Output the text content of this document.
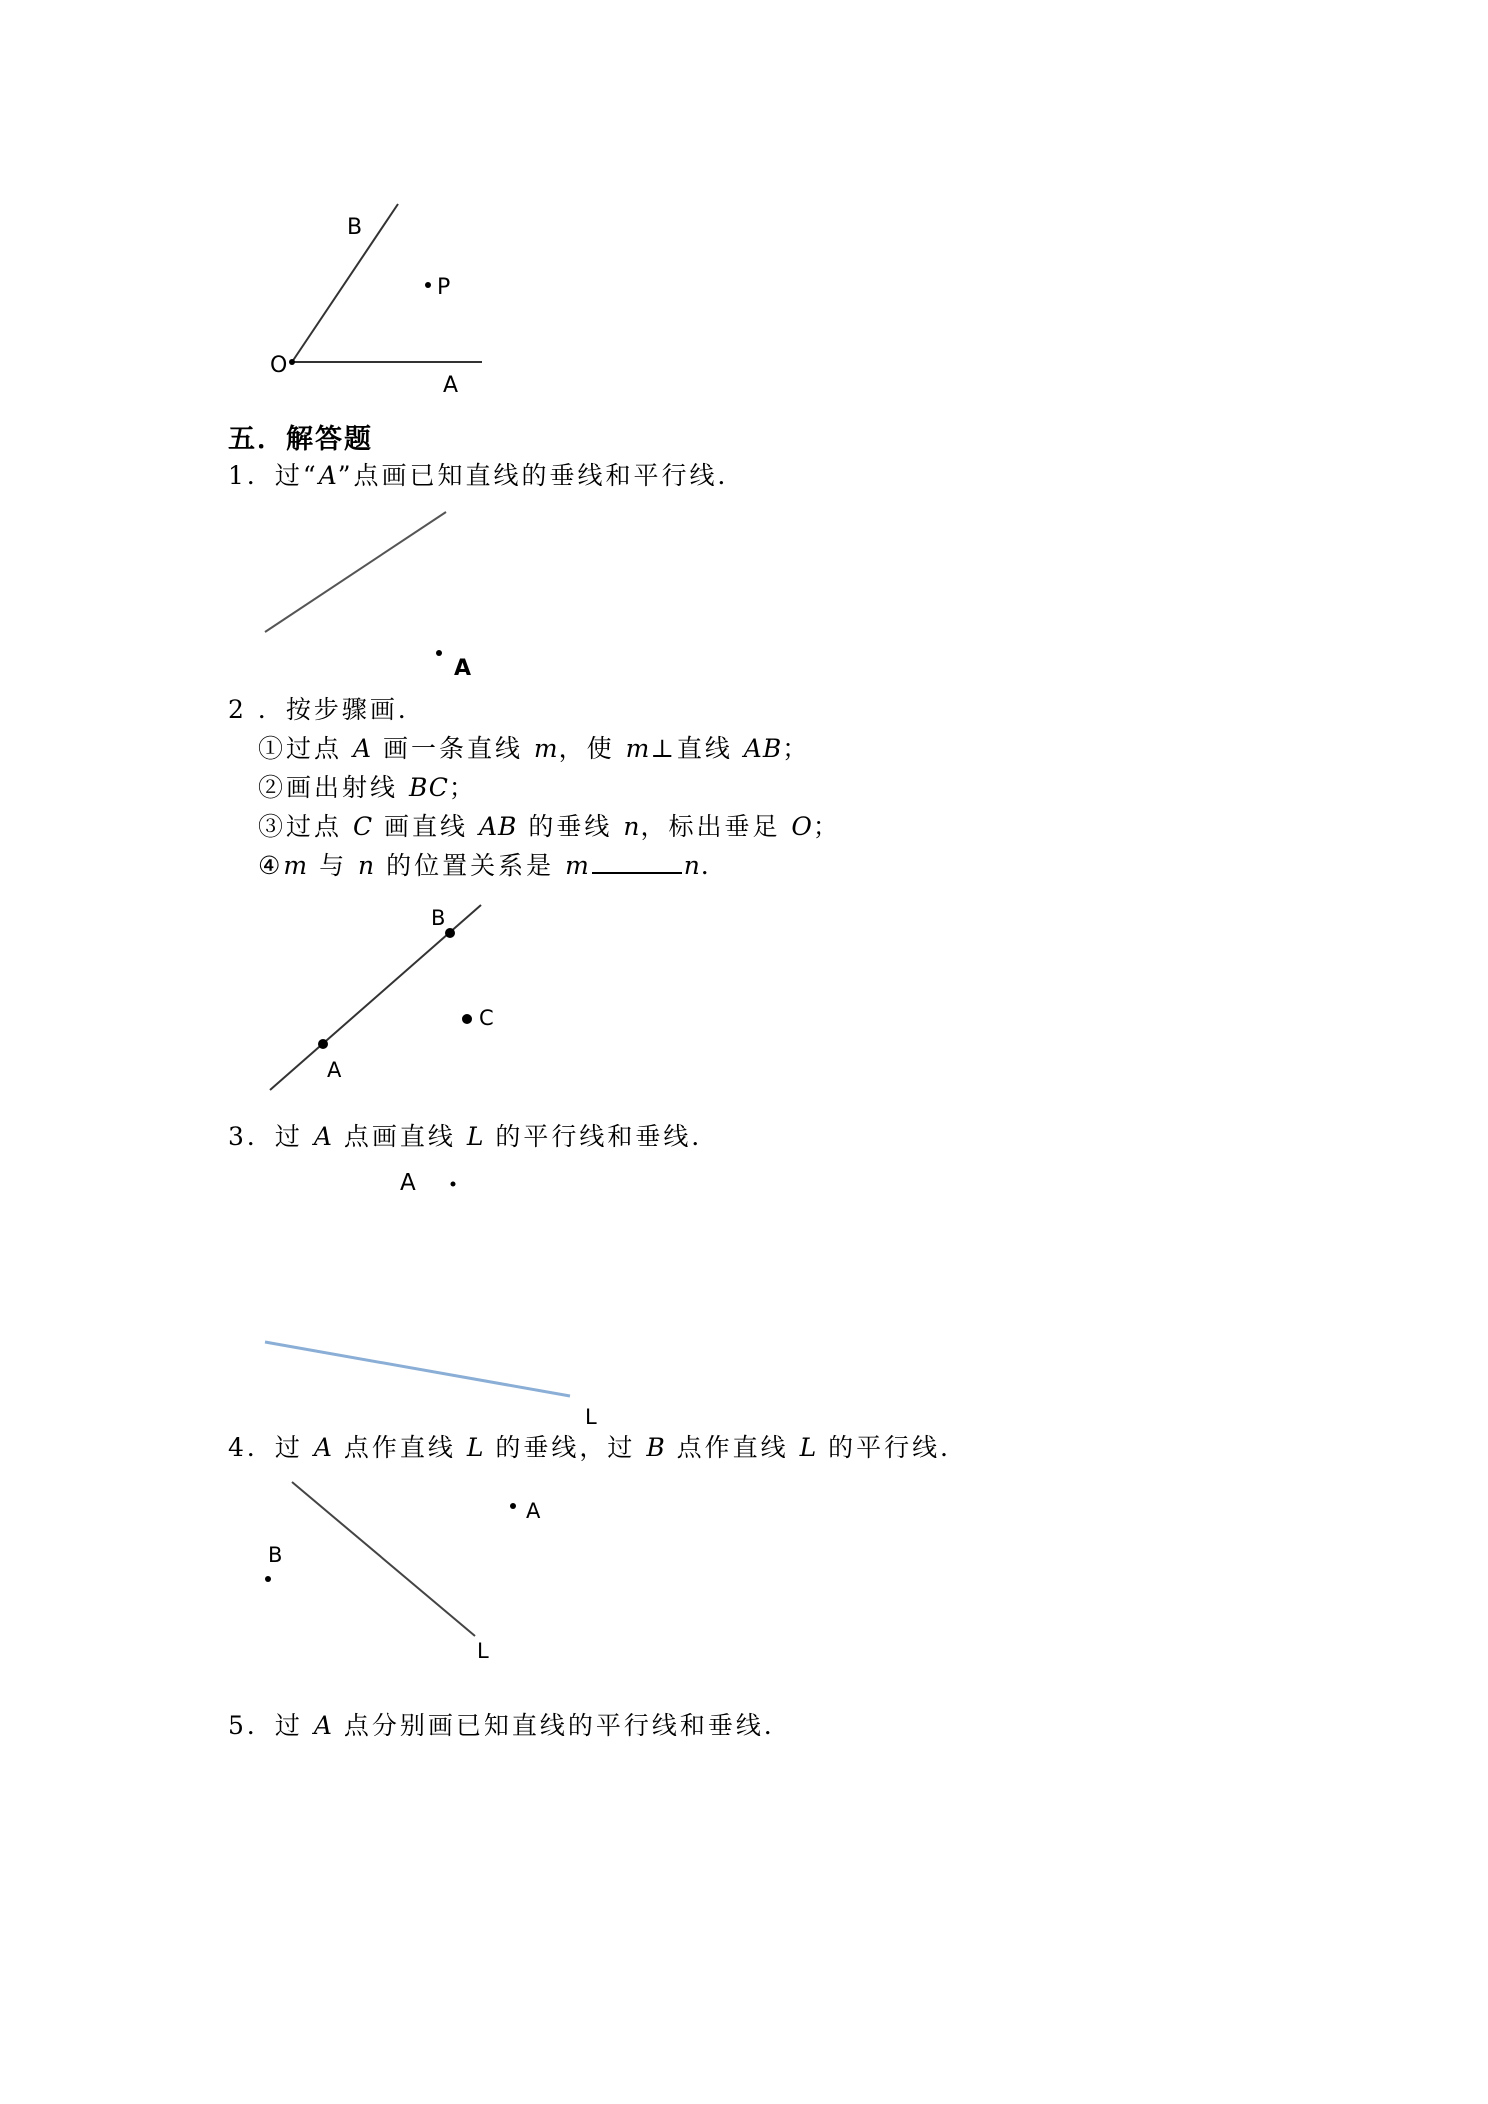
B
P
O
A
五．解答题
1．过“A”点画已知直线的垂线和平行线．
A
2 ．按步骤画．
①过点 A 画一条直线 m，使 m⊥直线 AB；
②画出射线 BC；
③过点 C 画直线 AB 的垂线 n，标出垂足 O；
④m 与 n 的位置关系是 m	n．
A
B
C
3．过 A 点画直线 L 的平行线和垂线．
A
L
4．过 A 点作直线 L 的垂线，过 B 点作直线 L 的平行线．
A
B
L
5．过 A 点分别画已知直线的平行线和垂线．
